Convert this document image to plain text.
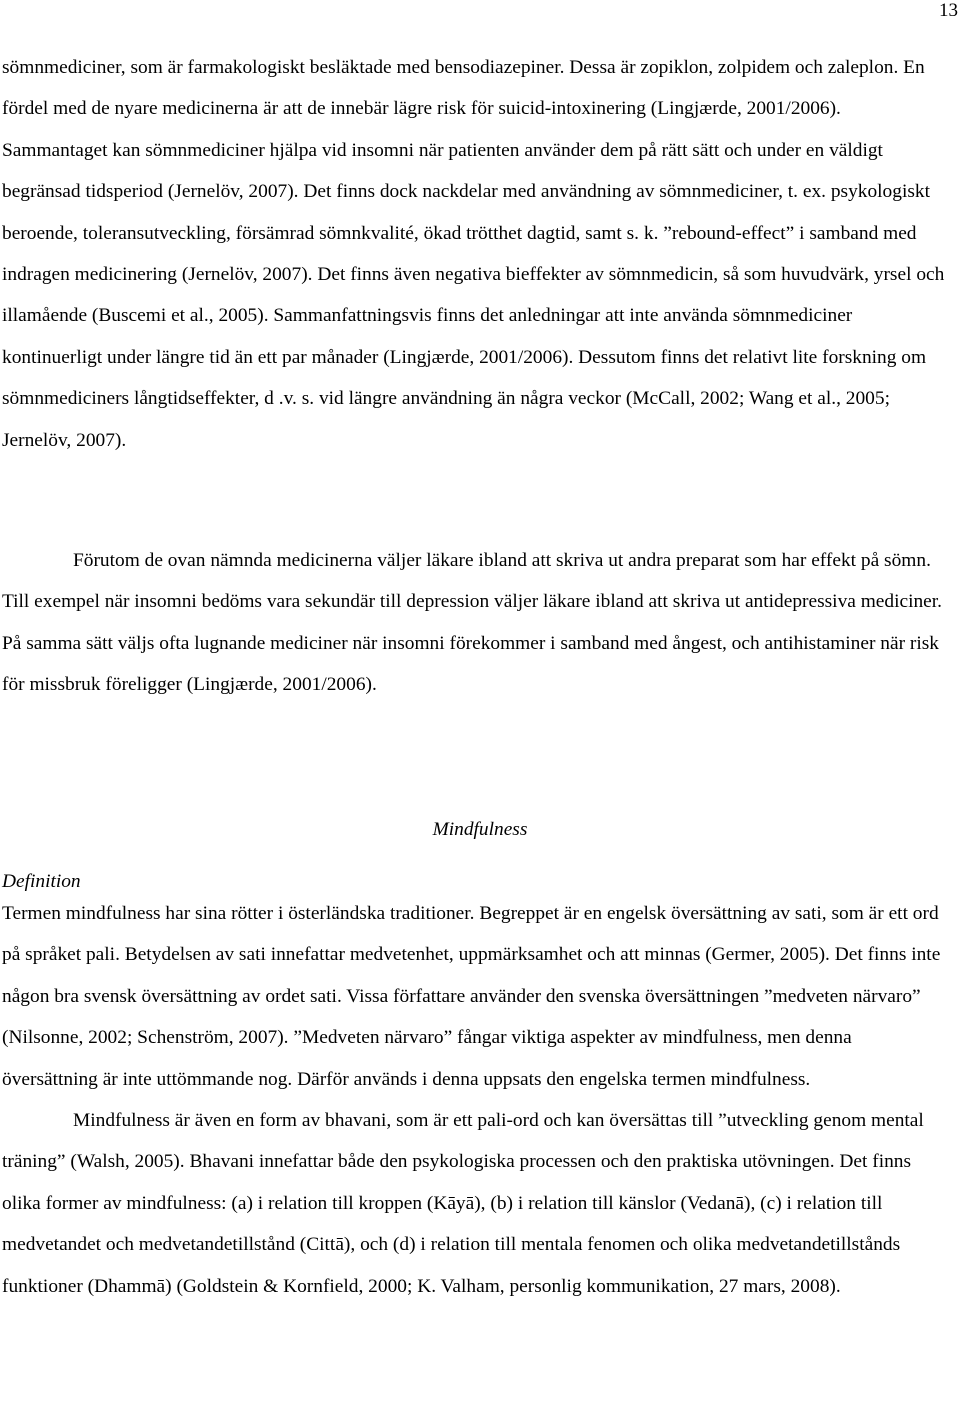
13
sömnmediciner, som är farmakologiskt besläktade med bensodiazepiner. Dessa är zopiklon, zolpidem och zaleplon. En fördel med de nyare medicinerna är att de innebär lägre risk för suicid-intoxinering (Lingjærde, 2001/2006). Sammantaget kan sömnmediciner hjälpa vid insomni när patienten använder dem på rätt sätt och under en väldigt begränsad tidsperiod (Jernelöv, 2007). Det finns dock nackdelar med användning av sömnmediciner, t. ex. psykologiskt beroende, toleransutveckling, försämrad sömnkvalité, ökad trötthet dagtid, samt s. k. ”rebound-effect” i samband med indragen medicinering (Jernelöv, 2007). Det finns även negativa bieffekter av sömnmedicin, så som huvudvärk, yrsel och illamående (Buscemi et al., 2005). Sammanfattningsvis finns det anledningar att inte använda sömnmediciner kontinuerligt under längre tid än ett par månader (Lingjærde, 2001/2006). Dessutom finns det relativt lite forskning om sömnmediciners långtidseffekter, d .v. s. vid längre användning än några veckor (McCall, 2002; Wang et al., 2005; Jernelöv, 2007).

Förutom de ovan nämnda medicinerna väljer läkare ibland att skriva ut andra preparat som har effekt på sömn. Till exempel när insomni bedöms vara sekundär till depression väljer läkare ibland att skriva ut antidepressiva mediciner. På samma sätt väljs ofta lugnande mediciner när insomni förekommer i samband med ångest, och antihistaminer när risk för missbruk föreligger (Lingjærde, 2001/2006).

Mindfulness
Definition

Termen mindfulness har sina rötter i österländska traditioner. Begreppet är en engelsk översättning av sati, som är ett ord på språket pali. Betydelsen av sati innefattar medvetenhet, uppmärksamhet och att minnas (Germer, 2005). Det finns inte någon bra svensk översättning av ordet sati. Vissa författare använder den svenska översättningen ”medveten närvaro” (Nilsonne, 2002; Schenström, 2007). ”Medveten närvaro” fångar viktiga aspekter av mindfulness, men denna översättning är inte uttömmande nog. Därför används i denna uppsats den engelska termen mindfulness.

Mindfulness är även en form av bhavani, som är ett pali-ord och kan översättas till ”utveckling genom mental träning” (Walsh, 2005). Bhavani innefattar både den psykologiska processen och den praktiska utövningen. Det finns olika former av mindfulness: (a) i relation till kroppen (Kāyā), (b) i relation till känslor (Vedanā), (c) i relation till medvetandet och medvetandetillstånd (Cittā), och (d) i relation till mentala fenomen och olika medvetandetillstånds funktioner (Dhammā) (Goldstein & Kornfield, 2000; K. Valham, personlig kommunikation, 27 mars, 2008).
